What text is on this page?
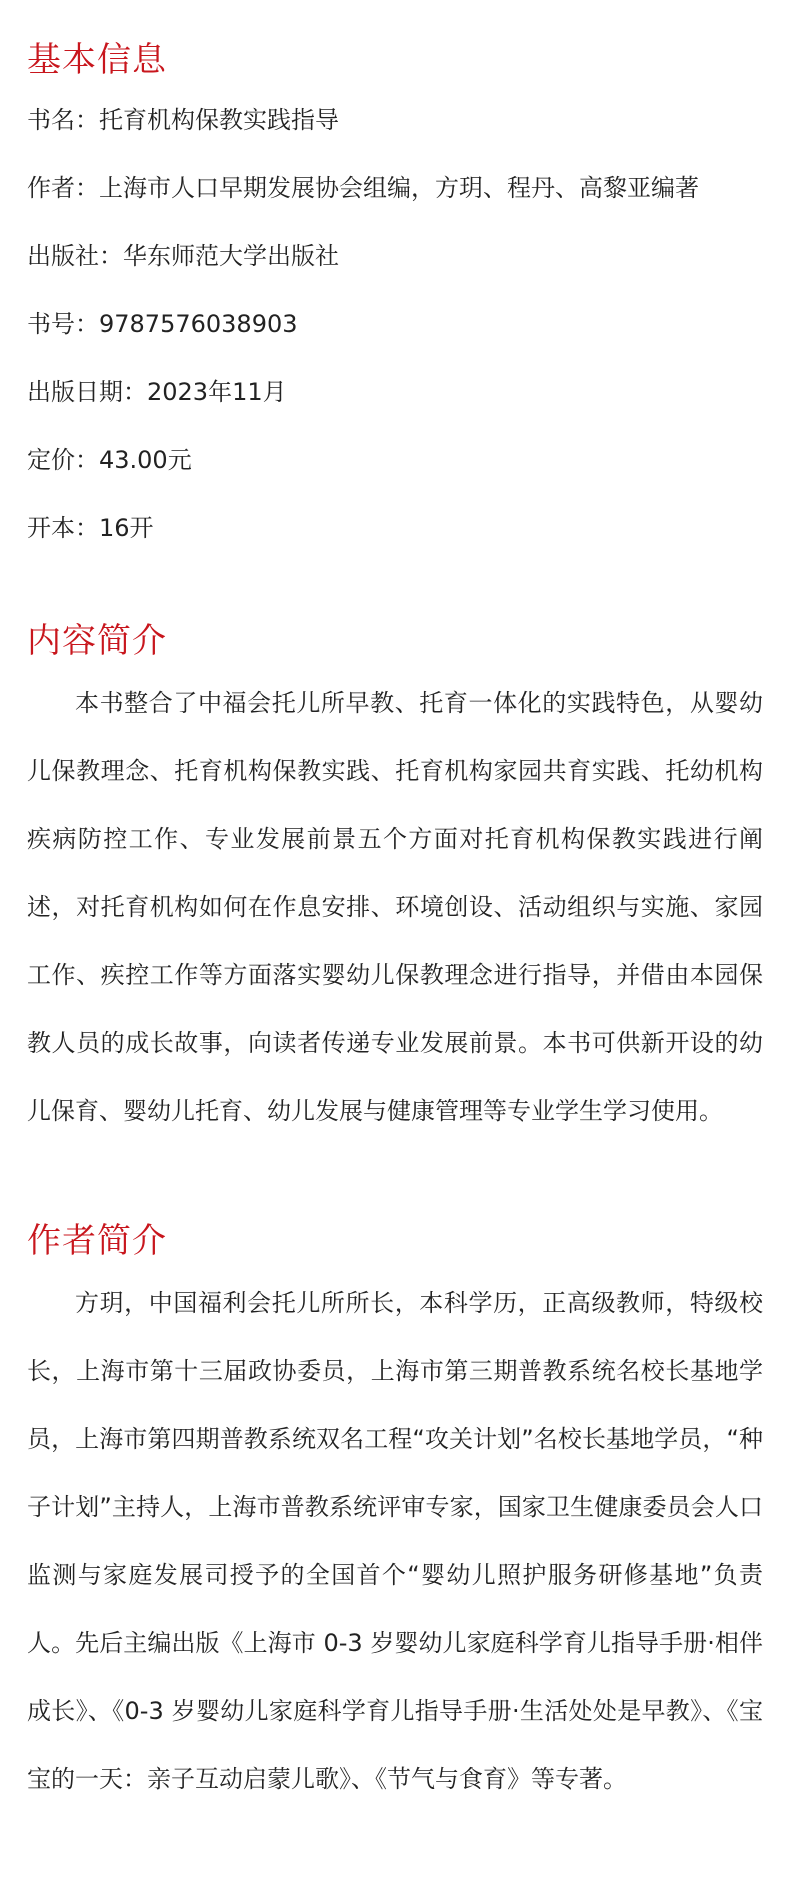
基本信息
书名：托育机构保教实践指导
作者：上海市人口早期发展协会组编，方玥、程丹、高黎亚编著
出版社：华东师范大学出版社
书号：9787576038903
出版日期：2023年11月
定价：43.00元
开本：16开
内容简介

本书整合了中福会托儿所早教、托育一体化的实践特色，从婴幼儿保教理念、托育机构保教实践、托育机构家园共育实践、托幼机构疾病防控工作、专业发展前景五个方面对托育机构保教实践进行阐述，对托育机构如何在作息安排、环境创设、活动组织与实施、家园工作、疾控工作等方面落实婴幼儿保教理念进行指导，并借由本园保教人员的成长故事，向读者传递专业发展前景。本书可供新开设的幼儿保育、婴幼儿托育、幼儿发展与健康管理等专业学生学习使用。

作者简介

方玥，中国福利会托儿所所长，本科学历，正高级教师，特级校长，上海市第十三届政协委员，上海市第三期普教系统名校长基地学员，上海市第四期普教系统双名工程“攻关计划”名校长基地学员，“种子计划”主持人，上海市普教系统评审专家，国家卫生健康委员会人口监测与家庭发展司授予的全国首个“婴幼儿照护服务研修基地”负责人。先后主编出版《上海市 0-3 岁婴幼儿家庭科学育儿指导手册·相伴成长》、《0-3 岁婴幼儿家庭科学育儿指导手册·生活处处是早教》、《宝宝的一天：亲子互动启蒙儿歌》、《节气与食育》等专著。
